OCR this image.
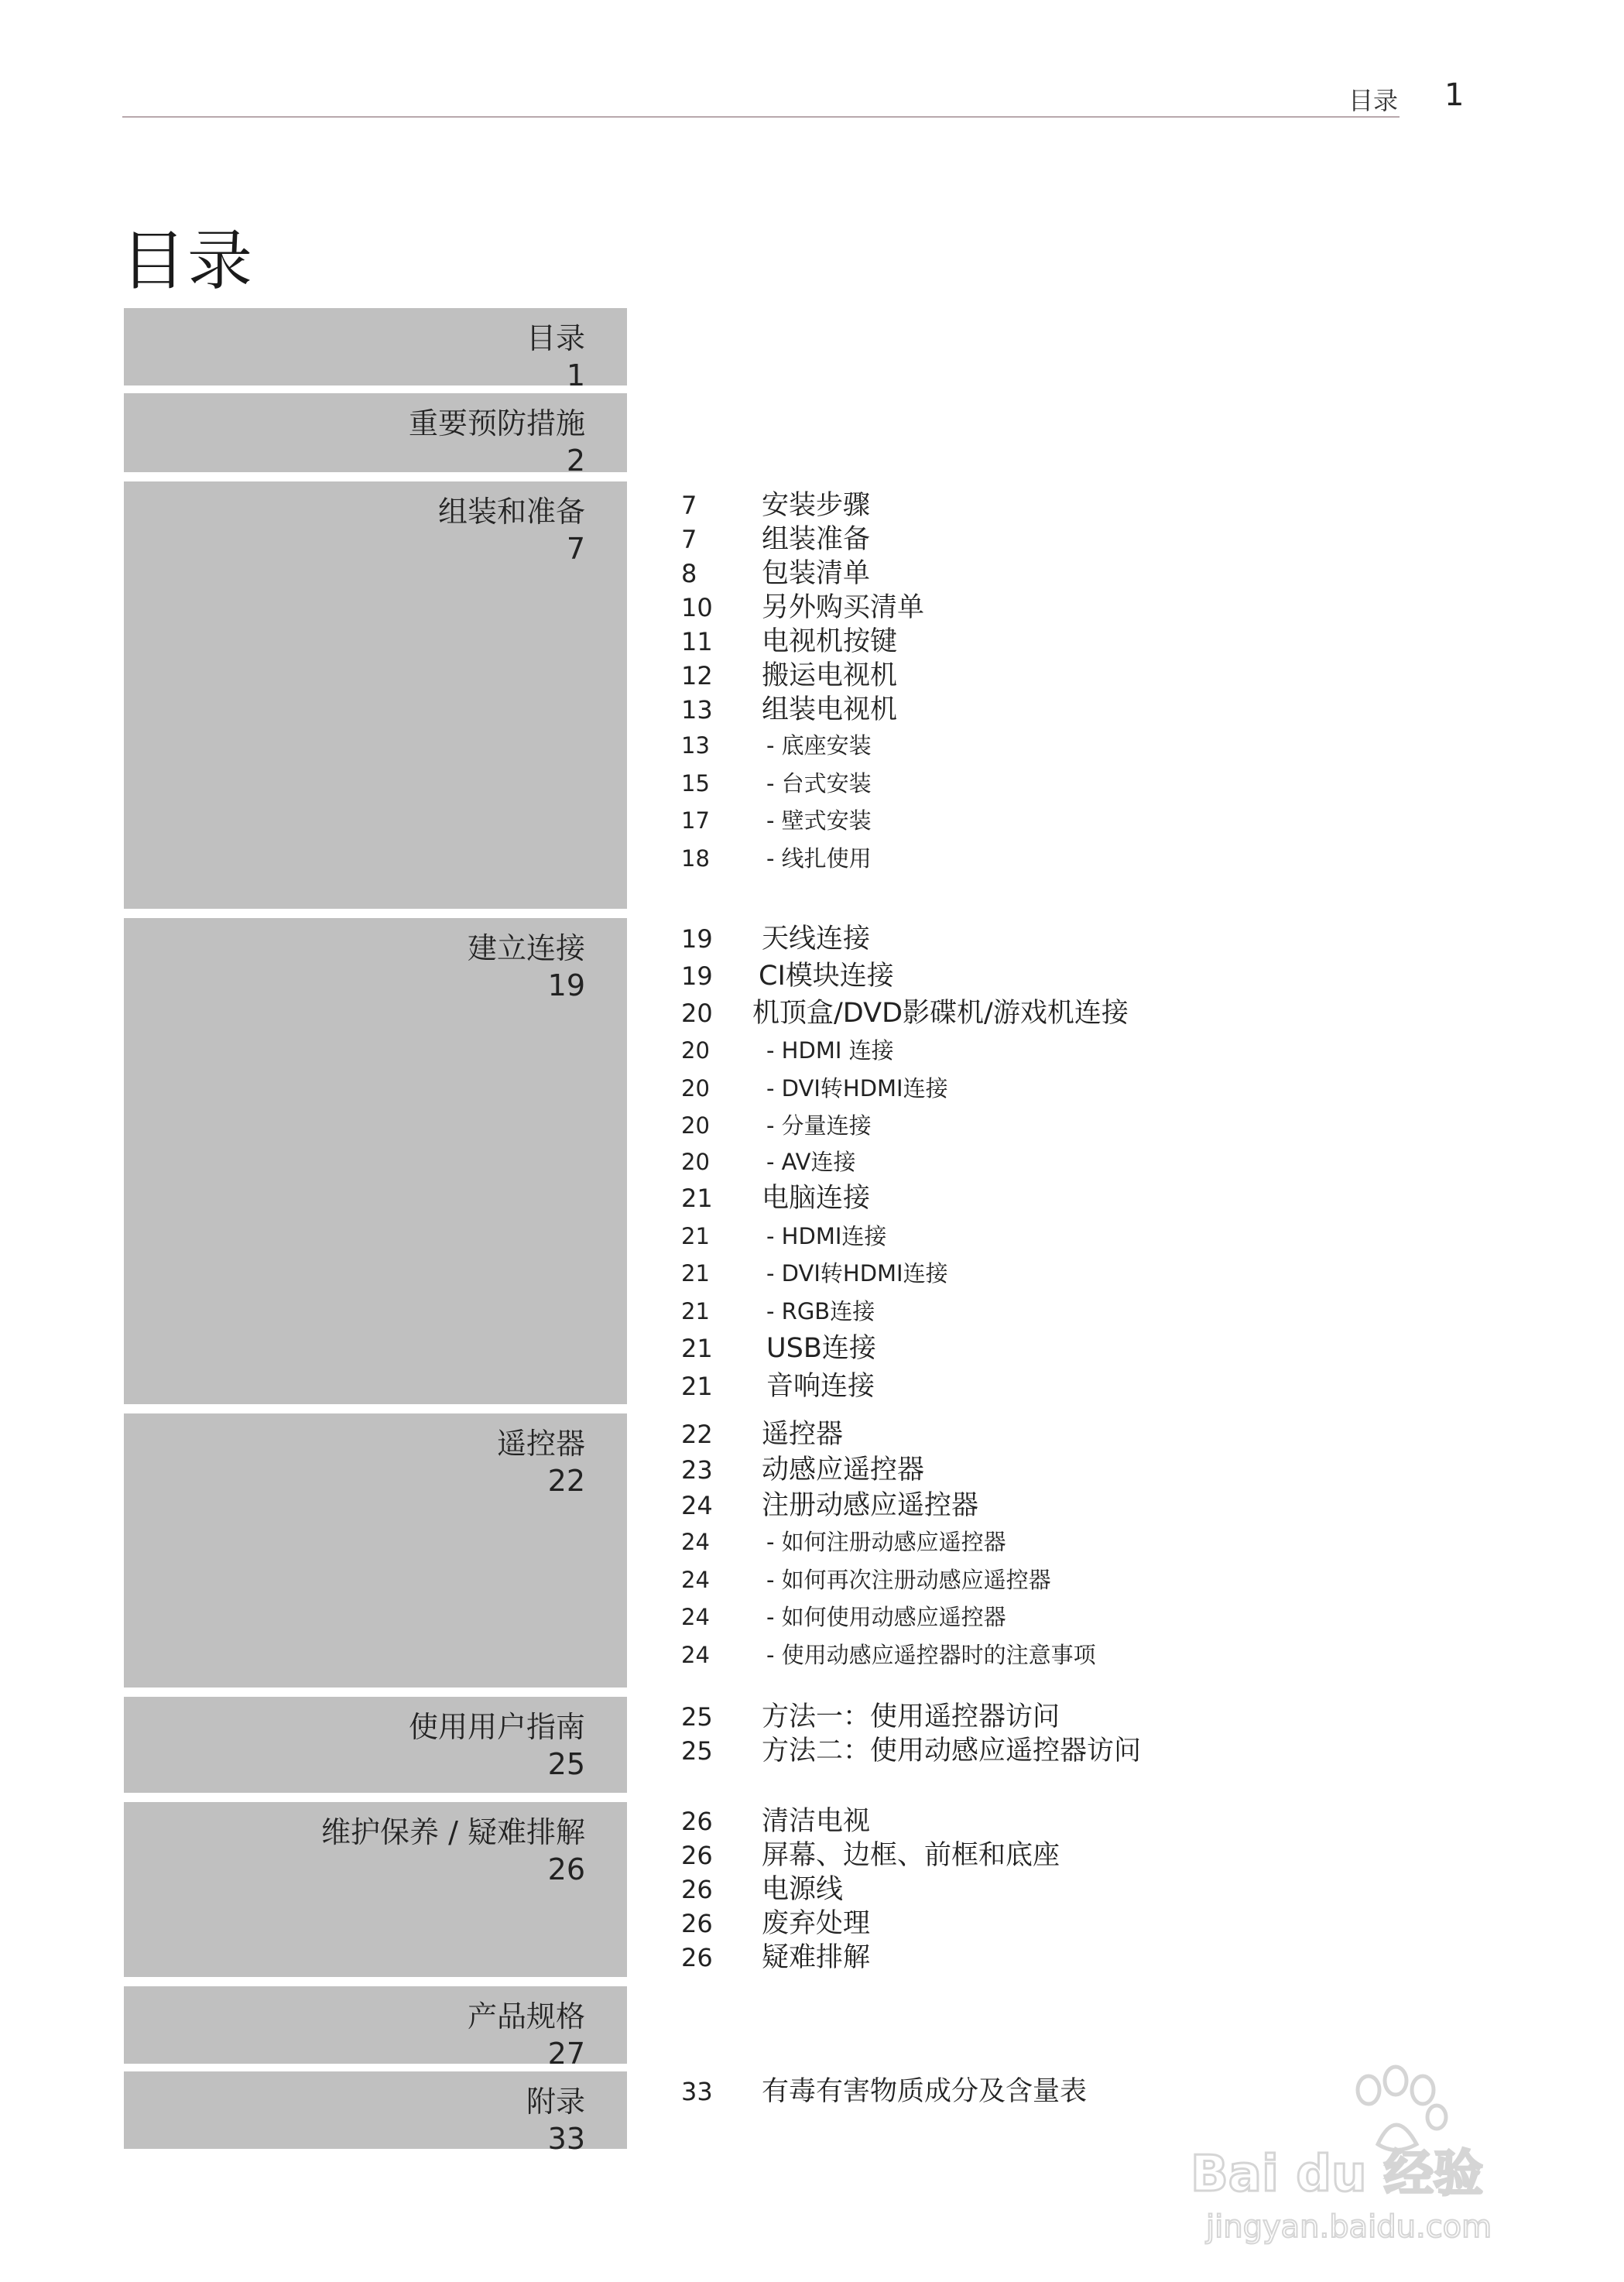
目录 1
目录
目录
1
重要预防措施
2
组装和准备
7
建立连接
19
遥控器
22
使用用户指南
25
维护保养 / 疑难排解
26
产品规格
27
附录
33
7 安装步骤
7 组装准备
8 包装清单
10 另外购买清单
11 电视机按键
12 搬运电视机
13 组装电视机
13	- 底座安装
15	- 台式安装
17	- 壁式安装
18	- 线扎使用
19 天线连接
19 CI模块连接
20 机顶盒/DVD影碟机/游戏机连接
20	- HDMI 连接
20	- DVI转HDMI连接
20	- 分量连接
20	- AV连接
21 电脑连接
21	- HDMI连接
21	- DVI转HDMI连接
21	- RGB连接
21 USB连接
21 音响连接
22 遥控器
23 动感应遥控器
24 注册动感应遥控器
24	- 如何注册动感应遥控器
24	- 如何再次注册动感应遥控器
24	- 如何使用动感应遥控器
24	- 使用动感应遥控器时的注意事项
25 方法一：使用遥控器访问
25 方法二：使用动感应遥控器访问
26 清洁电视
26 屏幕、边框、前框和底座
26 电源线
26 废弃处理
26 疑难排解
33 有毒有害物质成分及含量表
Bai du 经验
jingyan.baidu.com
